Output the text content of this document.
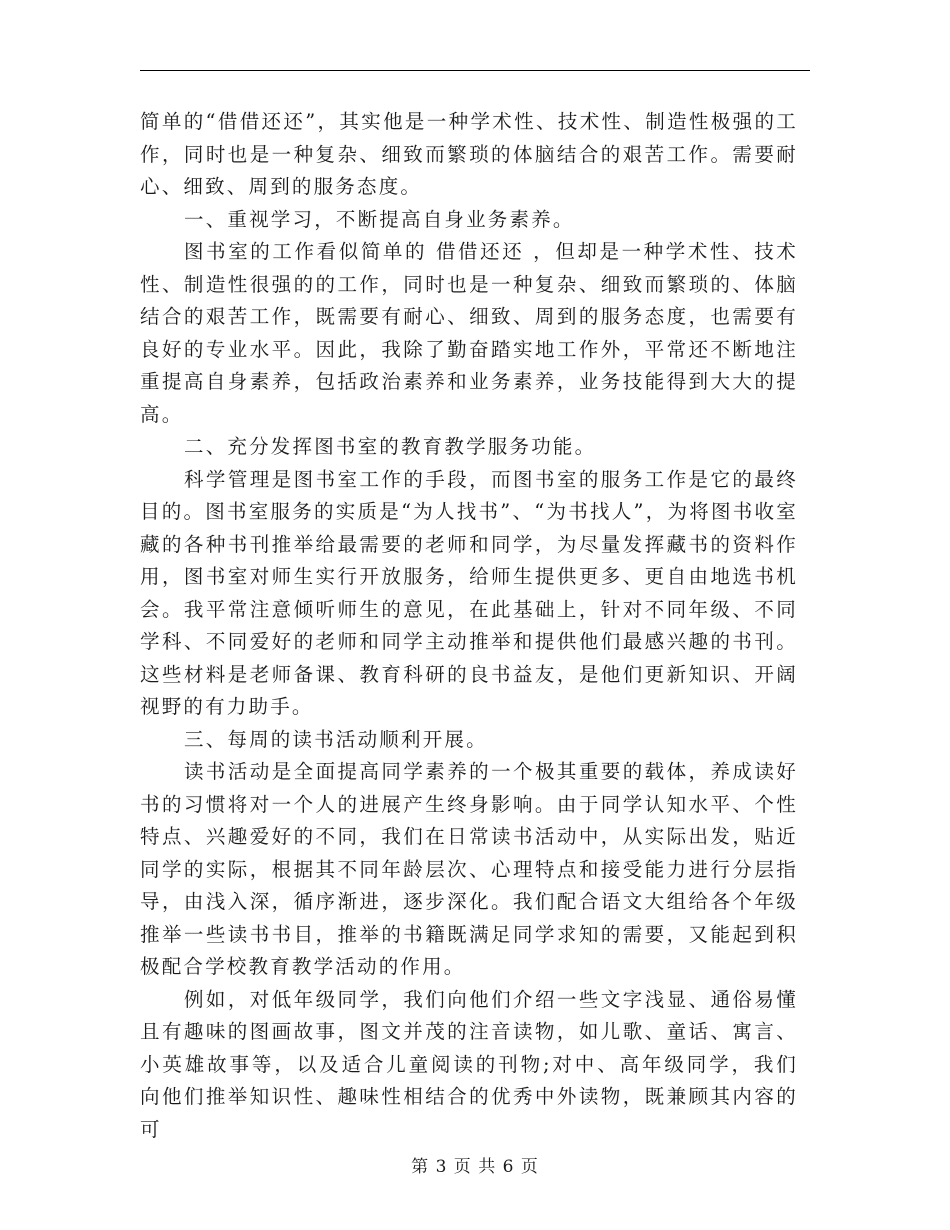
简单的“借借还还”，其实他是一种学术性、技术性、制造性极强的工作，同时也是一种复杂、细致而繁琐的体脑结合的艰苦工作。需要耐心、细致、周到的服务态度。

一、重视学习，不断提高自身业务素养。

图书室的工作看似简单的 借借还还 ，但却是一种学术性、技术性、制造性很强的的工作，同时也是一种复杂、细致而繁琐的、体脑结合的艰苦工作，既需要有耐心、细致、周到的服务态度，也需要有良好的专业水平。因此，我除了勤奋踏实地工作外，平常还不断地注重提高自身素养，包括政治素养和业务素养，业务技能得到大大的提高。

二、充分发挥图书室的教育教学服务功能。

科学管理是图书室工作的手段，而图书室的服务工作是它的最终目的。图书室服务的实质是“为人找书”、“为书找人”，为将图书收室藏的各种书刊推举给最需要的老师和同学，为尽量发挥藏书的资料作用，图书室对师生实行开放服务，给师生提供更多、更自由地选书机会。我平常注意倾听师生的意见，在此基础上，针对不同年级、不同学科、不同爱好的老师和同学主动推举和提供他们最感兴趣的书刊。这些材料是老师备课、教育科研的良书益友，是他们更新知识、开阔视野的有力助手。

三、每周的读书活动顺利开展。

读书活动是全面提高同学素养的一个极其重要的载体，养成读好书的习惯将对一个人的进展产生终身影响。由于同学认知水平、个性特点、兴趣爱好的不同，我们在日常读书活动中，从实际出发，贴近同学的实际，根据其不同年龄层次、心理特点和接受能力进行分层指导，由浅入深，循序渐进，逐步深化。我们配合语文大组给各个年级推举一些读书书目，推举的书籍既满足同学求知的需要，又能起到积极配合学校教育教学活动的作用。

例如，对低年级同学，我们向他们介绍一些文字浅显、通俗易懂且有趣味的图画故事，图文并茂的注音读物，如儿歌、童话、寓言、小英雄故事等，以及适合儿童阅读的刊物;对中、高年级同学，我们向他们推举知识性、趣味性相结合的优秀中外读物，既兼顾其内容的可

第 3 页 共 6 页
